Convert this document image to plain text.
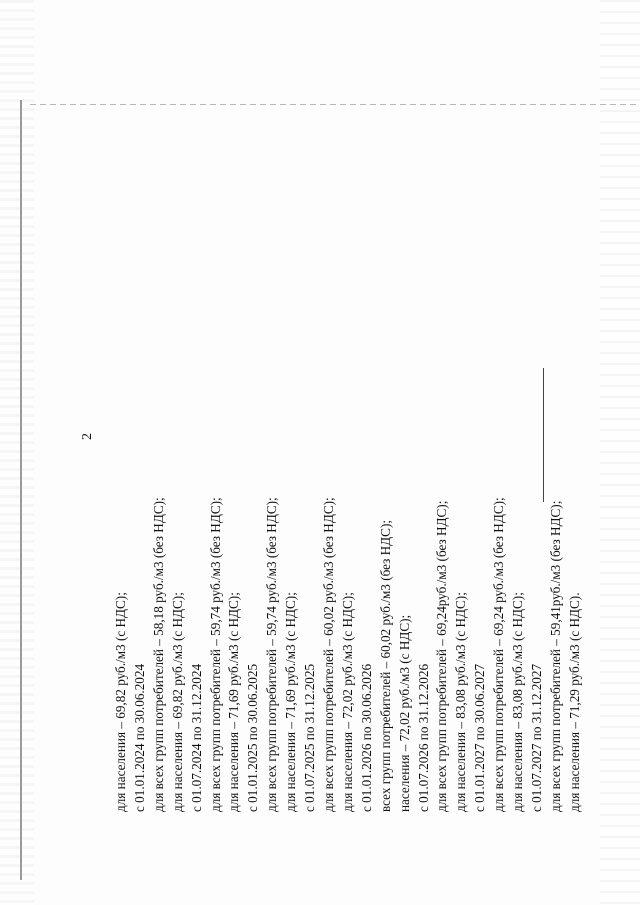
2
для населения – 69,82 руб./м3 (с НДС); с 01.01.2024 по 30.06.2024 для всех групп потребителей – 58,18 руб./м3 (без НДС); для населения – 69,82 руб./м3 (с НДС); с 01.07.2024 по 31.12.2024 для всех групп потребителей – 59,74 руб./м3 (без НДС); для населения – 71,69 руб./м3 (с НДС); с 01.01.2025 по 30.06.2025 для всех групп потребителей – 59,74 руб./м3 (без НДС); для населения – 71,69 руб./м3 (с НДС); с 01.07.2025 по 31.12.2025 для всех групп потребителей – 60,02 руб./м3 (без НДС); для населения – 72,02 руб./м3 (с НДС); с 01.01.2026 по 30.06.2026 всех групп потребителей – 60,02 руб./м3 (без НДС); населения – 72,02 руб./м3 (с НДС); с 01.07.2026 по 31.12.2026 для всех групп потребителей – 69,24руб./м3 (без НДС); для населения – 83,08 руб./м3 (с НДС); с 01.01.2027 по 30.06.2027 для всех групп потребителей – 69,24 руб./м3 (без НДС); для населения – 83,08 руб./м3 (с НДС); с 01.07.2027 по 31.12.2027 для всех групп потребителей – 59,41руб./м3 (без НДС); для населения – 71,29 руб./м3 (с НДС).
